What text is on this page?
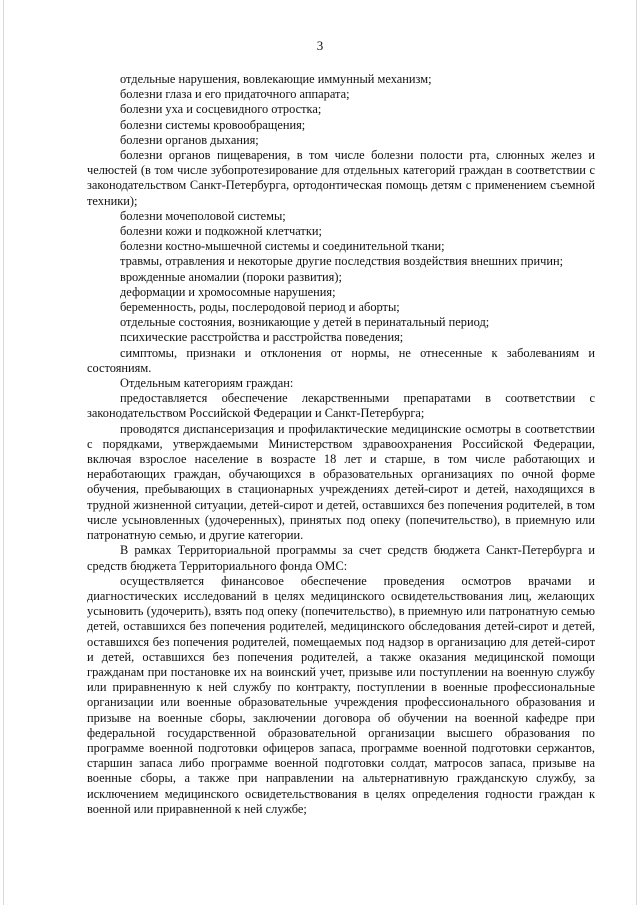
3

отдельные нарушения, вовлекающие иммунный механизм;

болезни глаза и его придаточного аппарата;

болезни уха и сосцевидного отростка;

болезни системы кровообращения;

болезни органов дыхания;

болезни органов пищеварения, в том числе болезни полости рта, слюнных желез и челюстей (в том числе зубопротезирование для отдельных категорий граждан в соответствии с законодательством Санкт-Петербурга, ортодонтическая помощь детям с применением съемной техники);

болезни мочеполовой системы;

болезни кожи и подкожной клетчатки;

болезни костно-мышечной системы и соединительной ткани;

травмы, отравления и некоторые другие последствия воздействия внешних причин;

врожденные аномалии (пороки развития);

деформации и хромосомные нарушения;

беременность, роды, послеродовой период и аборты;

отдельные состояния, возникающие у детей в перинатальный период;

психические расстройства и расстройства поведения;

симптомы, признаки и отклонения от нормы, не отнесенные к заболеваниям и состояниям.

Отдельным категориям граждан:

предоставляется обеспечение лекарственными препаратами в соответствии с законодательством Российской Федерации и Санкт-Петербурга;

проводятся диспансеризация и профилактические медицинские осмотры в соответствии с порядками, утверждаемыми Министерством здравоохранения Российской Федерации, включая взрослое население в возрасте 18 лет и старше, в том числе работающих и неработающих граждан, обучающихся в образовательных организациях по очной форме обучения, пребывающих в стационарных учреждениях детей-сирот и детей, находящихся в трудной жизненной ситуации, детей-сирот и детей, оставшихся без попечения родителей, в том числе усыновленных (удочеренных), принятых под опеку (попечительство), в приемную или патронатную семью, и другие категории.

В рамках Территориальной программы за счет средств бюджета Санкт-Петербурга и средств бюджета Территориального фонда ОМС:

осуществляется финансовое обеспечение проведения осмотров врачами и диагностических исследований в целях медицинского освидетельствования лиц, желающих усыновить (удочерить), взять под опеку (попечительство), в приемную или патронатную семью детей, оставшихся без попечения родителей, медицинского обследования детей-сирот и детей, оставшихся без попечения родителей, помещаемых под надзор в организацию для детей-сирот и детей, оставшихся без попечения родителей, а также оказания медицинской помощи гражданам при постановке их на воинский учет, призыве или поступлении на военную службу или приравненную к ней службу по контракту, поступлении в военные профессиональные организации или военные образовательные учреждения профессионального образования и призыве на военные сборы, заключении договора об обучении на военной кафедре при федеральной государственной образовательной организации высшего образования по программе военной подготовки офицеров запаса, программе военной подготовки сержантов, старшин запаса либо программе военной подготовки солдат, матросов запаса, призыве на военные сборы, а также при направлении на альтернативную гражданскую службу, за исключением медицинского освидетельствования в целях определения годности граждан к военной или приравненной к ней службе;
